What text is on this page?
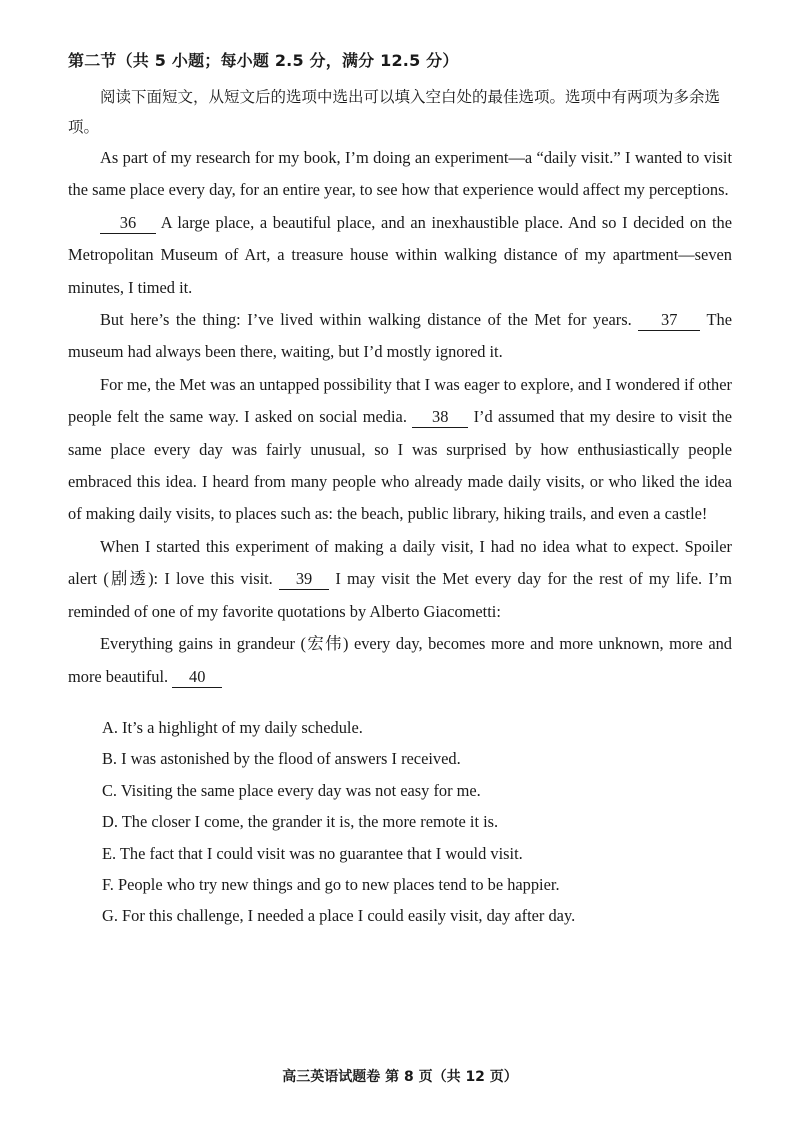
第二节（共 5 小题；每小题 2.5 分，满分 12.5 分）
阅读下面短文，从短文后的选项中选出可以填入空白处的最佳选项。选项中有两项为多余选项。

As part of my research for my book, I’m doing an experiment—a “daily visit.” I wanted to visit the same place every day, for an entire year, to see how that experience would affect my perceptions.

36 A large place, a beautiful place, and an inexhaustible place. And so I decided on the Metropolitan Museum of Art, a treasure house within walking distance of my apartment—seven minutes, I timed it.

But here’s the thing: I’ve lived within walking distance of the Met for years. 37 The museum had always been there, waiting, but I’d mostly ignored it.

For me, the Met was an untapped possibility that I was eager to explore, and I wondered if other people felt the same way. I asked on social media. 38 I’d assumed that my desire to visit the same place every day was fairly unusual, so I was surprised by how enthusiastically people embraced this idea. I heard from many people who already made daily visits, or who liked the idea of making daily visits, to places such as: the beach, public library, hiking trails, and even a castle!

When I started this experiment of making a daily visit, I had no idea what to expect. Spoiler alert (剧透): I love this visit. 39 I may visit the Met every day for the rest of my life. I’m reminded of one of my favorite quotations by Alberto Giacometti:

Everything gains in grandeur (宏伟) every day, becomes more and more unknown, more and more beautiful. 40

A. It’s a highlight of my daily schedule.
B. I was astonished by the flood of answers I received.
C. Visiting the same place every day was not easy for me.
D. The closer I come, the grander it is, the more remote it is.
E. The fact that I could visit was no guarantee that I would visit.
F. People who try new things and go to new places tend to be happier.
G. For this challenge, I needed a place I could easily visit, day after day.
高三英语试题卷 第 8 页（共 12 页）
